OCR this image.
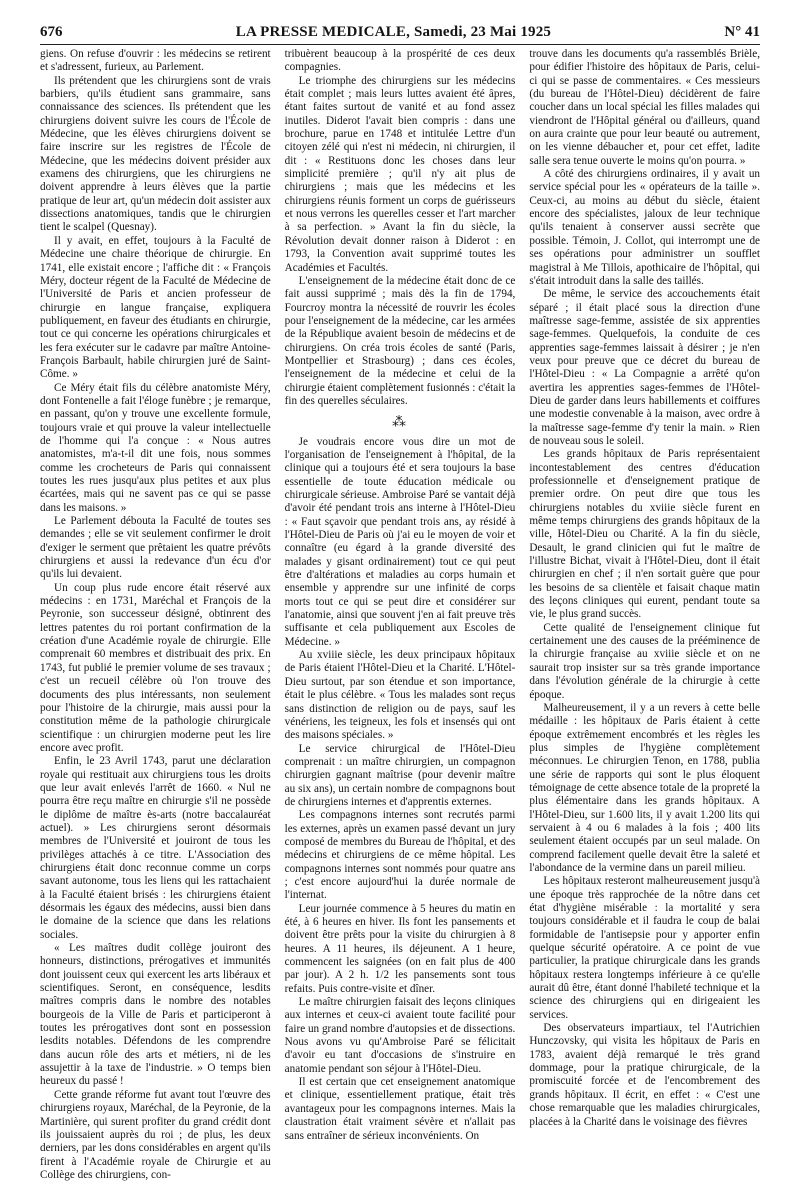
676	LA PRESSE MEDICALE, Samedi, 23 Mai 1925	N° 41

giens. On refuse d'ouvrir : les médecins se retirent et s'adressent, furieux, au Parlement.

Ils prétendent que les chirurgiens sont de vrais barbiers, qu'ils étudient sans grammaire, sans connaissance des sciences. Ils prétendent que les chirurgiens doivent suivre les cours de l'École de Médecine, que les élèves chirurgiens doivent se faire inscrire sur les registres de l'École de Médecine, que les médecins doivent présider aux examens des chirurgiens, que les chirurgiens ne doivent apprendre à leurs élèves que la partie pratique de leur art, qu'un médecin doit assister aux dissections anatomiques, tandis que le chirurgien tient le scalpel (Quesnay).

Il y avait, en effet, toujours à la Faculté de Médecine une chaire théorique de chirurgie. En 1741, elle existait encore ; l'affiche dit : « François Méry, docteur régent de la Faculté de Médecine de l'Université de Paris et ancien professeur de chirurgie en langue française, expliquera publiquement, en faveur des étudiants en chirurgie, tout ce qui concerne les opérations chirurgicales et les fera exécuter sur le cadavre par maître Antoine-François Barbault, habile chirurgien juré de Saint-Côme. »

Ce Méry était fils du célèbre anatomiste Méry, dont Fontenelle a fait l'éloge funèbre ; je remarque, en passant, qu'on y trouve une excellente formule, toujours vraie et qui prouve la valeur intellectuelle de l'homme qui l'a conçue : « Nous autres anatomistes, m'a-t-il dit une fois, nous sommes comme les crocheteurs de Paris qui connaissent toutes les rues jusqu'aux plus petites et aux plus écartées, mais qui ne savent pas ce qui se passe dans les maisons. »

Le Parlement débouta la Faculté de toutes ses demandes ; elle se vit seulement confirmer le droit d'exiger le serment que prêtaient les quatre prévôts chirurgiens et aussi la redevance d'un écu d'or qu'ils lui devaient.

Un coup plus rude encore était réservé aux médecins : en 1731, Maréchal et François de la Peyronie, son successeur désigné, obtinrent des lettres patentes du roi portant confirmation de la création d'une Académie royale de chirurgie. Elle comprenait 60 membres et distribuait des prix. En 1743, fut publié le premier volume de ses travaux ; c'est un recueil célèbre où l'on trouve des documents des plus intéressants, non seulement pour l'histoire de la chirurgie, mais aussi pour la constitution même de la pathologie chirurgicale scientifique : un chirurgien moderne peut les lire encore avec profit.

Enfin, le 23 Avril 1743, parut une déclaration royale qui restituait aux chirurgiens tous les droits que leur avait enlevés l'arrêt de 1660. « Nul ne pourra être reçu maître en chirurgie s'il ne possède le diplôme de maître ès-arts (notre baccalauréat actuel). » Les chirurgiens seront désormais membres de l'Université et jouiront de tous les privilèges attachés à ce titre. L'Association des chirurgiens était donc reconnue comme un corps savant autonome, tous les liens qui les rattachaient à la Faculté étaient brisés : les chirurgiens étaient désormais les égaux des médecins, aussi bien dans le domaine de la science que dans les relations sociales.

« Les maîtres dudit collège jouiront des honneurs, distinctions, prérogatives et immunités dont jouissent ceux qui exercent les arts libéraux et scientifiques. Seront, en conséquence, lesdits maîtres compris dans le nombre des notables bourgeois de la Ville de Paris et participeront à toutes les prérogatives dont sont en possession lesdits notables. Défendons de les comprendre dans aucun rôle des arts et métiers, ni de les assujettir à la taxe de l'industrie. » O temps bien heureux du passé !

Cette grande réforme fut avant tout l'œuvre des chirurgiens royaux, Maréchal, de la Peyronie, de la Martinière, qui surent profiter du grand crédit dont ils jouissaient auprès du roi ; de plus, les deux derniers, par les dons considérables en argent qu'ils firent à l'Académie royale de Chirurgie et au Collège des chirurgiens, con-

tribuèrent beaucoup à la prospérité de ces deux compagnies.

Le triomphe des chirurgiens sur les médecins était complet ; mais leurs luttes avaient été âpres, étant faites surtout de vanité et au fond assez inutiles. Diderot l'avait bien compris : dans une brochure, parue en 1748 et intitulée Lettre d'un citoyen zélé qui n'est ni médecin, ni chirurgien, il dit : « Restituons donc les choses dans leur simplicité première ; qu'il n'y ait plus de chirurgiens ; mais que les médecins et les chirurgiens réunis forment un corps de guérisseurs et nous verrons les querelles cesser et l'art marcher à sa perfection. » Avant la fin du siècle, la Révolution devait donner raison à Diderot : en 1793, la Convention avait supprimé toutes les Académies et Facultés.

L'enseignement de la médecine était donc de ce fait aussi supprimé ; mais dès la fin de 1794, Fourcroy montra la nécessité de rouvrir les écoles pour l'enseignement de la médecine, car les armées de la République avaient besoin de médecins et de chirurgiens. On créa trois écoles de santé (Paris, Montpellier et Strasbourg) ; dans ces écoles, l'enseignement de la médecine et celui de la chirurgie étaient complètement fusionnés : c'était la fin des querelles séculaires.

⁂

Je voudrais encore vous dire un mot de l'organisation de l'enseignement à l'hôpital, de la clinique qui a toujours été et sera toujours la base essentielle de toute éducation médicale ou chirurgicale sérieuse. Ambroise Paré se vantait déjà d'avoir été pendant trois ans interne à l'Hôtel-Dieu : « Faut sçavoir que pendant trois ans, ay résidé à l'Hôtel-Dieu de Paris où j'ai eu le moyen de voir et connaître (eu égard à la grande diversité des malades y gisant ordinairement) tout ce qui peut être d'altérations et maladies au corps humain et ensemble y apprendre sur une infinité de corps morts tout ce qui se peut dire et considérer sur l'anatomie, ainsi que souvent j'en ai fait preuve très suffisante et cela publiquement aux Escoles de Médecine. »

Au xviiie siècle, les deux principaux hôpitaux de Paris étaient l'Hôtel-Dieu et la Charité. L'Hôtel-Dieu surtout, par son étendue et son importance, était le plus célèbre. « Tous les malades sont reçus sans distinction de religion ou de pays, sauf les vénériens, les teigneux, les fols et insensés qui ont des maisons spéciales. »

Le service chirurgical de l'Hôtel-Dieu comprenait : un maître chirurgien, un compagnon chirurgien gagnant maîtrise (pour devenir maître au six ans), un certain nombre de compagnons bout de chirurgiens internes et d'apprentis externes.

Les compagnons internes sont recrutés parmi les externes, après un examen passé devant un jury composé de membres du Bureau de l'hôpital, et des médecins et chirurgiens de ce même hôpital. Les compagnons internes sont nommés pour quatre ans ; c'est encore aujourd'hui la durée normale de l'internat.

Leur journée commence à 5 heures du matin en été, à 6 heures en hiver. Ils font les pansements et doivent être prêts pour la visite du chirurgien à 8 heures. A 11 heures, ils déjeunent. A 1 heure, commencent les saignées (on en fait plus de 400 par jour). A 2 h. 1/2 les pansements sont tous refaits. Puis contre-visite et dîner.

Le maître chirurgien faisait des leçons cliniques aux internes et ceux-ci avaient toute facilité pour faire un grand nombre d'autopsies et de dissections. Nous avons vu qu'Ambroise Paré se félicitait d'avoir eu tant d'occasions de s'instruire en anatomie pendant son séjour à l'Hôtel-Dieu.

Il est certain que cet enseignement anatomique et clinique, essentiellement pratique, était très avantageux pour les compagnons internes. Mais la claustration était vraiment sévère et n'allait pas sans entraîner de sérieux inconvénients. On

trouve dans les documents qu'a rassemblés Brièle, pour édifier l'histoire des hôpitaux de Paris, celui-ci qui se passe de commentaires. « Ces messieurs (du bureau de l'Hôtel-Dieu) décidèrent de faire coucher dans un local spécial les filles malades qui viendront de l'Hôpital général ou d'ailleurs, quand on aura crainte que pour leur beauté ou autrement, on les vienne débaucher et, pour cet effet, ladite salle sera tenue ouverte le moins qu'on pourra. »

A côté des chirurgiens ordinaires, il y avait un service spécial pour les « opérateurs de la taille ». Ceux-ci, au moins au début du siècle, étaient encore des spécialistes, jaloux de leur technique qu'ils tenaient à conserver aussi secrète que possible. Témoin, J. Collot, qui interrompt une de ses opérations pour administrer un soufflet magistral à Me Tillois, apothicaire de l'hôpital, qui s'était introduit dans la salle des taillés.

De même, le service des accouchements était séparé ; il était placé sous la direction d'une maîtresse sage-femme, assistée de six apprenties sage-femmes. Quelquefois, la conduite de ces apprenties sage-femmes laissait à désirer ; je n'en veux pour preuve que ce décret du bureau de l'Hôtel-Dieu : « La Compagnie a arrêté qu'on avertira les apprenties sages-femmes de l'Hôtel-Dieu de garder dans leurs habillements et coiffures une modestie convenable à la maison, avec ordre à la maîtresse sage-femme d'y tenir la main. » Rien de nouveau sous le soleil.

Les grands hôpitaux de Paris représentaient incontestablement des centres d'éducation professionnelle et d'enseignement pratique de premier ordre. On peut dire que tous les chirurgiens notables du xviiie siècle furent en même temps chirurgiens des grands hôpitaux de la ville, Hôtel-Dieu ou Charité. A la fin du siècle, Desault, le grand clinicien qui fut le maître de l'illustre Bichat, vivait à l'Hôtel-Dieu, dont il était chirurgien en chef ; il n'en sortait guère que pour les besoins de sa clientèle et faisait chaque matin des leçons cliniques qui eurent, pendant toute sa vie, le plus grand succès.

Cette qualité de l'enseignement clinique fut certainement une des causes de la prééminence de la chirurgie française au xviiie siècle et on ne saurait trop insister sur sa très grande importance dans l'évolution générale de la chirurgie à cette époque.

Malheureusement, il y a un revers à cette belle médaille : les hôpitaux de Paris étaient à cette époque extrêmement encombrés et les règles les plus simples de l'hygiène complètement méconnues. Le chirurgien Tenon, en 1788, publia une série de rapports qui sont le plus éloquent témoignage de cette absence totale de la propreté la plus élémentaire dans les grands hôpitaux. A l'Hôtel-Dieu, sur 1.600 lits, il y avait 1.200 lits qui servaient à 4 ou 6 malades à la fois ; 400 lits seulement étaient occupés par un seul malade. On comprend facilement quelle devait être la saleté et l'abondance de la vermine dans un pareil milieu.

Les hôpitaux resteront malheureusement jusqu'à une époque très rapprochée de la nôtre dans cet état d'hygiène misérable : la mortalité y sera toujours considérable et il faudra le coup de balai formidable de l'antisepsie pour y apporter enfin quelque sécurité opératoire. A ce point de vue particulier, la pratique chirurgicale dans les grands hôpitaux restera longtemps inférieure à ce qu'elle aurait dû être, étant donné l'habileté technique et la science des chirurgiens qui en dirigeaient les services.

Des observateurs impartiaux, tel l'Autrichien Hunczovsky, qui visita les hôpitaux de Paris en 1783, avaient déjà remarqué le très grand dommage, pour la pratique chirurgicale, de la promiscuité forcée et de l'encombrement des grands hôpitaux. Il écrit, en effet : « C'est une chose remarquable que les maladies chirurgicales, placées à la Charité dans le voisinage des fièvres
